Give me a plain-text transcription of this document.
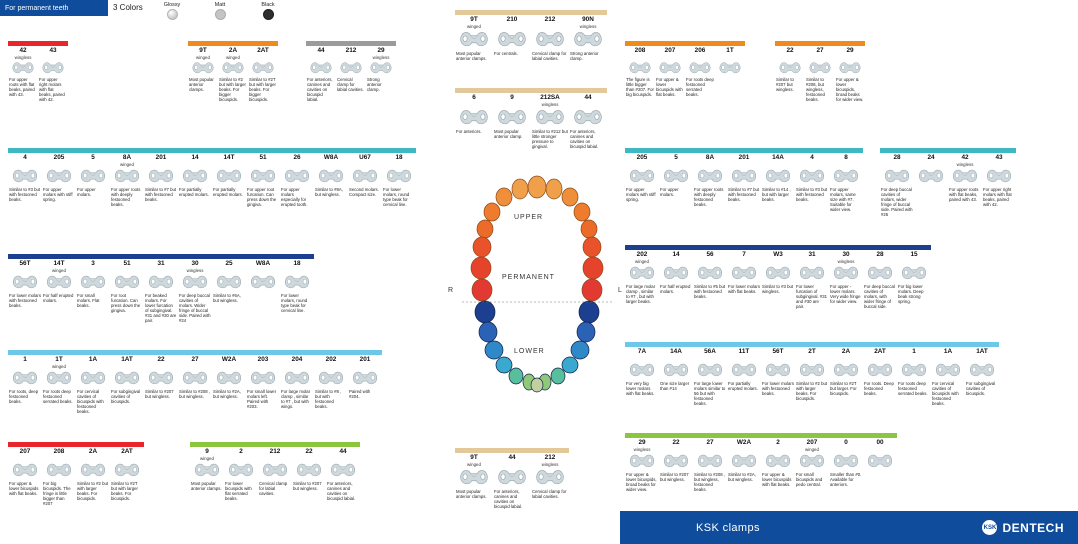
For permanent teeth	3 Colors	Glossy	Matt	Black
42
wingless
For upper roots with flat beaks, paired with 43.
43
For upper right molars with flat beaks, paired with 42.
9T
winged
Most popular anterior clamps.
2A
winged
Similar to #2 but with larger beaks. For bigger bicuspids.
2AT
Similar to #2T but with larger beaks. For bigger bicuspids.
44
For anteriors, canines and cavities on bicuspid labial.
212
Cervical clamp for labial cavities.
29
wingless
Strong anterior clamp.
9T
winged
Most popular anterior clamps.
210
For centrals.
212
Cervical clamp for labial cavities.
90N
wingless
Strong anterior clamp.
6
For anteriors.
9
Most popular anterior clamp.
212SA
wingless
Similar to #212 but little stronger pressure to gingival.
44
For anteriors, canines and cavities on bicuspid labial.
208
The figure is little bigger than #207. For big bicuspids.
207
For upper & lower bicuspids with flat beaks.
206
For roots deep festooned serrated beaks.
1T	22
Similar to #207 but wingless.
27
Similar to #208, but wingless, festooned beaks.
29
For upper & lower bicuspids, broad beaks for wider view.
4
Similar to #3 but with festooned beaks.
205
For upper molars with stiff spring.
5
For upper molars.
8A
winged
For upper roots with deeply festooned beaks.
201
Similar to #7 but with festooned beaks.
14
For partially erupted molars.
14T
For partially erupted molars.
51
For upper root furcation. Can press down the gingiva.
26
For upper molars especially for erupted tooth.
W8A
Similar to #8A, but wingless.
U67
Second molars. Compact size.
18
For lower molars, round type beak for cervical line.
56T
For lower molars with festooned beaks.
14T
winged
For half erupted molars.
3
For small molars. Flat beaks.
51
For root furcation. Can press down the gingiva.
31
For beaked molars. For lower furcation of subgingival. #31 and #30 are pair.
30
wingless
For deep buccal cavities of molars. Wider fringe of buccal side. Paired with #24
25
Similar to #6A, but wingless.
W8A	18
For lower molars, round type beak for cervical line.
1
For roots, deep festooned beaks.
1T
winged
For roots deep festooned serrated beaks.
1A
For cervical cavities of bicuspids with festooned beaks.
1AT
For subgingival cavities of bicuspids.
22
Similar to #207 but wingless.
27
Similar to #208 , but wingless.
W2A
Similar to #2A, but wingless.
203
For small lower molars left. Paired with #203.
204
For large molar clamp , similar to #7 , but with wings.
202
Similar to #8 , but with festooned beaks.
201
Paired with #204.
207
For upper & lower bicuspids with flat beaks.
208
For big bicuspids. The fringe is little bigger than #207
2A
Similar to #2 but with larger beaks. For bicuspids.
2AT
Similar to #2T but with larger beaks. For bicuspids.
9
winged
Most popular anterior clamps.
2
For lower bicuspids with flat serrated beaks.
212
Cervical clamp for labial cavities.
22
Similar to #207 but wingless.
44
For anteriors, canines and cavities on bicuspid labial.
9T
winged
Most popular anterior clamps.
44
For anteriors, canines and cavities on bicuspid labial.
212
wingless
Cervical clamp for labial cavities.
205
For upper molars with stiff spring.
5
For upper molars.
8A
For upper roots with deeply festooned beaks.
201
Similar to #7 but with festooned beaks.
14A
Similar to #14 , but with larger beaks.
4
Similar to #3 but with festooned beaks.
8
For upper molars, same size with #7. Suitable for wider view.
28
For deep buccal cavities of molars, wider fringe of buccal side. Paired with #25
24	42
wingless
For upper roots with flat beaks, paired with 43.
43
For upper right molars with flat beaks, paired with 42.
202
winged
For large molar clamp , similar to #7 , but with larger beaks.
14
For half erupted molars.
56
Similar to #5 but with festooned beaks.
7
For lower molars with flat beaks.
W3
Similar to #3 but wingless.
31
For lower furcation of subgingival. #31 and #30 are pair.
30
wingless
For upper - lower molars. Very wide fringe for wider view.
28
For deep buccal cavities of molars, with wider fringe of buccal side.
15
For big lower molars. Deep beak strong spring.
7A
For very big lower molars with flat beaks.
14A
One size larger than #14
56A
For large lower molars similar to 56 but with festooned beaks.
11T
For partially erupted molars.
56T
For lower molars with festooned beaks.
2T
Similar to #2 but with larger beaks. For bicuspids.
2A
Similar to #2T but larger. For bicuspids.
2AT
For roots. Deep festooned beaks.
1
For roots deep festooned serrated beaks.
1A
For cervical cavities of bicuspids with festooned beaks.
1AT
For subgingival cavities of bicuspids.
29
wingless
For upper & lower bicuspids, broad beaks for wider view.
22
Similar to #207 but wingless.
27
Similar to #208 , but wingless, festooned beaks.
W2A
Similar to #2A, but wingless.
2
For upper & lower bicuspids with flat beaks.
207
winged
For small bicuspids and pedo central.
0
Smaller than #0. Available for anteriors.
00
UPPER
PERMANENT
LOWER
R	L
KSK clamps	KSK DENTECH
